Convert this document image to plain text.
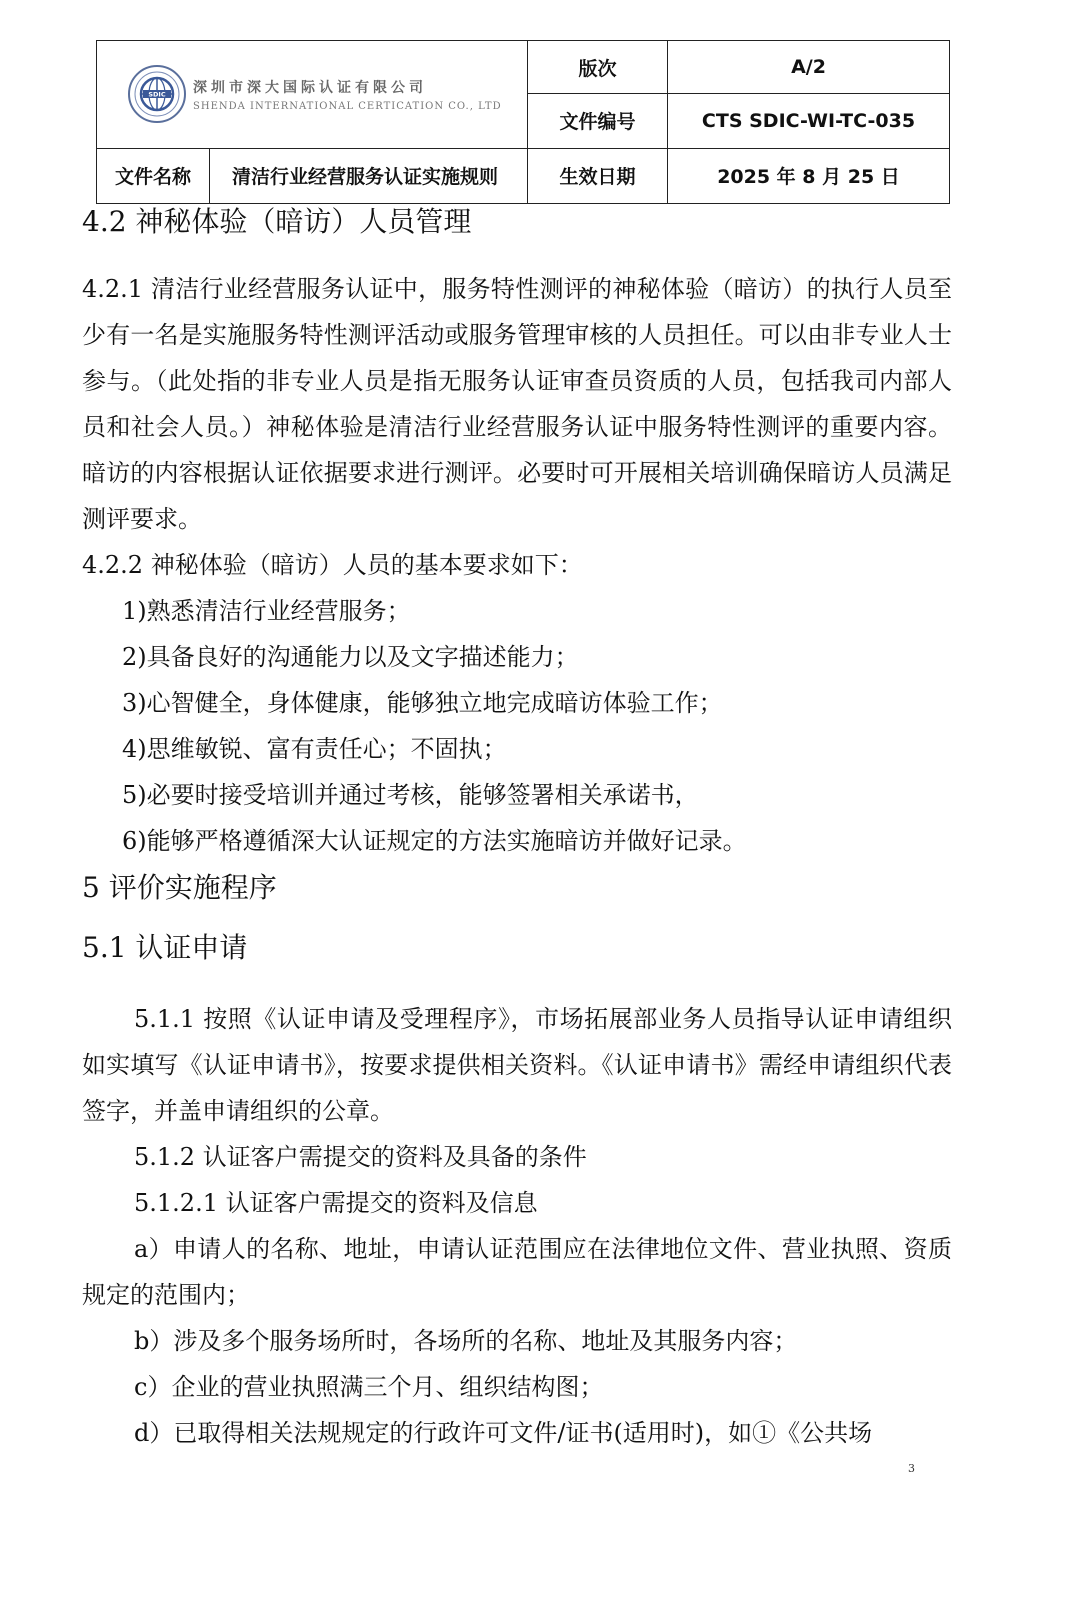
SDIC 深圳市深大国际认证有限公司
SHENDA INTERNATIONAL CERTICATION CO., LTD		版次	A/2
		文件编号	CTS SDIC-WI-TC-035
文件名称	清洁行业经营服务认证实施规则	生效日期	2025 年 8 月 25 日
4.2 神秘体验（暗访）人员管理

4.2.1 清洁行业经营服务认证中，服务特性测评的神秘体验（暗访）的执行人员至少有一名是实施服务特性测评活动或服务管理审核的人员担任。可以由非专业人士参与。（此处指的非专业人员是指无服务认证审查员资质的人员，包括我司内部人员和社会人员。）神秘体验是清洁行业经营服务认证中服务特性测评的重要内容。暗访的内容根据认证依据要求进行测评。必要时可开展相关培训确保暗访人员满足测评要求。

4.2.2 神秘体验（暗访）人员的基本要求如下：

1)熟悉清洁行业经营服务；

2)具备良好的沟通能力以及文字描述能力；

3)心智健全，身体健康，能够独立地完成暗访体验工作；

4)思维敏锐、富有责任心；不固执；

5)必要时接受培训并通过考核，能够签署相关承诺书，

6)能够严格遵循深大认证规定的方法实施暗访并做好记录。

5 评价实施程序
5.1 认证申请

5.1.1 按照《认证申请及受理程序》，市场拓展部业务人员指导认证申请组织如实填写《认证申请书》，按要求提供相关资料。《认证申请书》需经申请组织代表签字，并盖申请组织的公章。

5.1.2 认证客户需提交的资料及具备的条件

5.1.2.1 认证客户需提交的资料及信息

a）申请人的名称、地址，申请认证范围应在法律地位文件、营业执照、资质规定的范围内；

b）涉及多个服务场所时，各场所的名称、地址及其服务内容；

c）企业的营业执照满三个月、组织结构图；

d）已取得相关法规规定的行政许可文件/证书(适用时)，如①《公共场

3
